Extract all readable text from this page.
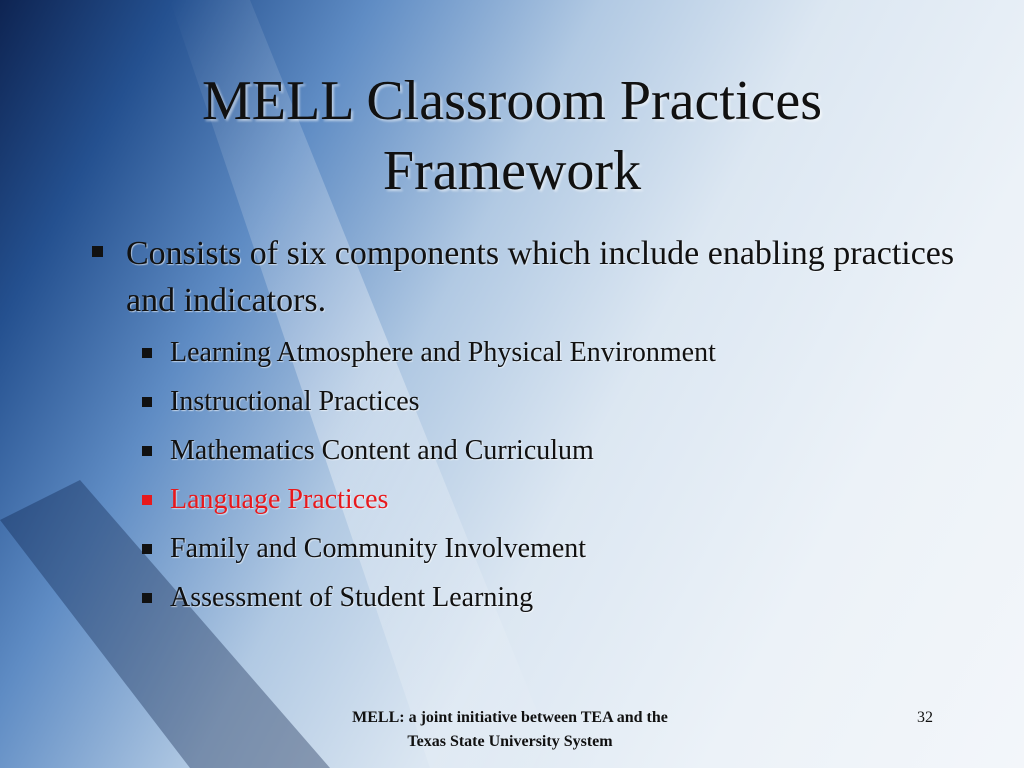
MELL Classroom Practices
Framework
Consists of six components which include enabling practices and indicators.
Learning Atmosphere and Physical Environment
Instructional Practices
Mathematics Content and Curriculum
Language Practices
Family and Community Involvement
Assessment of Student Learning
MELL: a joint initiative between TEA and the
Texas State University System
32
